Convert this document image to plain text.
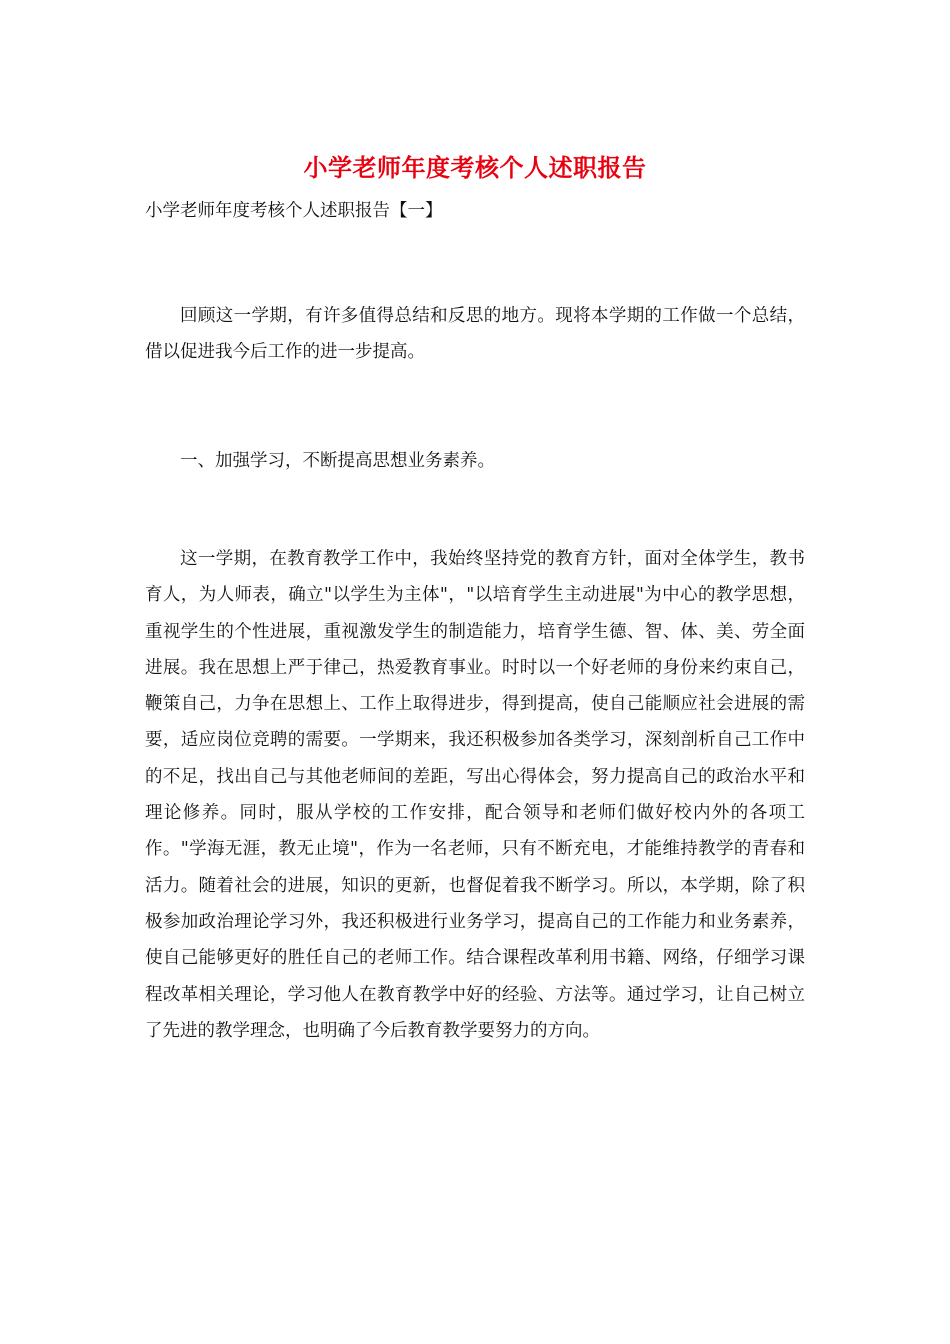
小学老师年度考核个人述职报告
小学老师年度考核个人述职报告【一】

回顾这一学期，有许多值得总结和反思的地方。现将本学期的工作做一个总结，借以促进我今后工作的进一步提高。

一、加强学习，不断提高思想业务素养。

这一学期，在教育教学工作中，我始终坚持党的教育方针，面对全体学生，教书育人，为人师表，确立"以学生为主体"，"以培育学生主动进展"为中心的教学思想，重视学生的个性进展，重视激发学生的制造能力，培育学生德、智、体、美、劳全面进展。我在思想上严于律己，热爱教育事业。时时以一个好老师的身份来约束自己，鞭策自己，力争在思想上、工作上取得进步，得到提高，使自己能顺应社会进展的需要，适应岗位竞聘的需要。一学期来，我还积极参加各类学习，深刻剖析自己工作中的不足，找出自己与其他老师间的差距，写出心得体会，努力提高自己的政治水平和理论修养。同时，服从学校的工作安排，配合领导和老师们做好校内外的各项工作。"学海无涯，教无止境"，作为一名老师，只有不断充电，才能维持教学的青春和活力。随着社会的进展，知识的更新，也督促着我不断学习。所以，本学期，除了积极参加政治理论学习外，我还积极进行业务学习，提高自己的工作能力和业务素养，使自己能够更好的胜任自己的老师工作。结合课程改革利用书籍、网络，仔细学习课程改革相关理论，学习他人在教育教学中好的经验、方法等。通过学习，让自己树立了先进的教学理念，也明确了今后教育教学要努力的方向。
